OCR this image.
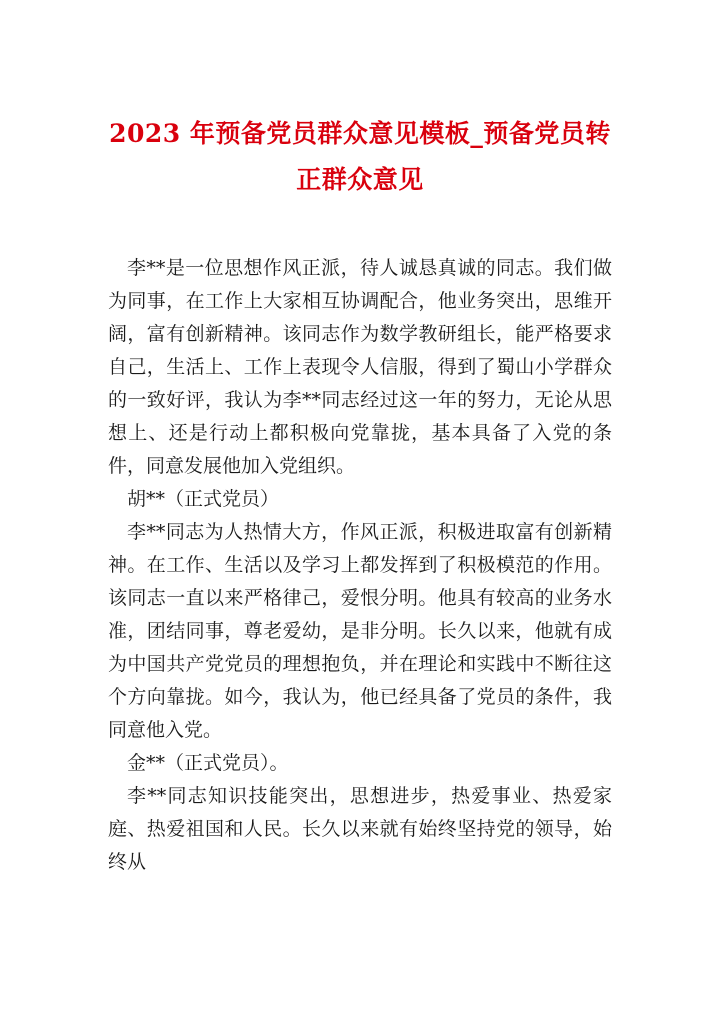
2023 年预备党员群众意见模板_预备党员转
正群众意见

李**是一位思想作风正派，待人诚恳真诚的同志。我们做为同事，在工作上大家相互协调配合，他业务突出，思维开阔，富有创新精神。该同志作为数学教研组长，能严格要求自己，生活上、工作上表现令人信服，得到了蜀山小学群众的一致好评，我认为李**同志经过这一年的努力，无论从思想上、还是行动上都积极向党靠拢，基本具备了入党的条件，同意发展他加入党组织。

胡**（正式党员）

李**同志为人热情大方，作风正派，积极进取富有创新精神。在工作、生活以及学习上都发挥到了积极模范的作用。该同志一直以来严格律己，爱恨分明。他具有较高的业务水准，团结同事，尊老爱幼，是非分明。长久以来，他就有成为中国共产党党员的理想抱负，并在理论和实践中不断往这个方向靠拢。如今，我认为，他已经具备了党员的条件，我同意他入党。

金**（正式党员）。

李**同志知识技能突出，思想进步，热爱事业、热爱家庭、热爱祖国和人民。长久以来就有始终坚持党的领导，始终从
